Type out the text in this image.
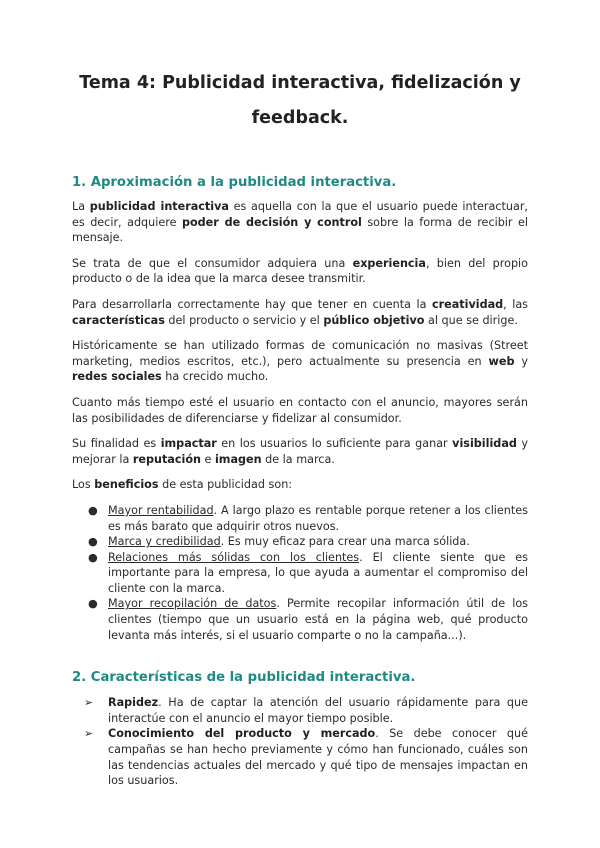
Tema 4: Publicidad interactiva, fidelización y feedback.
1. Aproximación a la publicidad interactiva.

La publicidad interactiva es aquella con la que el usuario puede interactuar, es decir, adquiere poder de decisión y control sobre la forma de recibir el mensaje.

Se trata de que el consumidor adquiera una experiencia, bien del propio producto o de la idea que la marca desee transmitir.

Para desarrollarla correctamente hay que tener en cuenta la creatividad, las características del producto o servicio y el público objetivo al que se dirige.

Históricamente se han utilizado formas de comunicación no masivas (Street marketing, medios escritos, etc.), pero actualmente su presencia en web y redes sociales ha crecido mucho.

Cuanto más tiempo esté el usuario en contacto con el anuncio, mayores serán las posibilidades de diferenciarse y fidelizar al consumidor.

Su finalidad es impactar en los usuarios lo suficiente para ganar visibilidad y mejorar la reputación e imagen de la marca.

Los beneficios de esta publicidad son:

● Mayor rentabilidad. A largo plazo es rentable porque retener a los clientes es más barato que adquirir otros nuevos.
● Marca y credibilidad. Es muy eficaz para crear una marca sólida.
● Relaciones más sólidas con los clientes. El cliente siente que es importante para la empresa, lo que ayuda a aumentar el compromiso del cliente con la marca.
● Mayor recopilación de datos. Permite recopilar información útil de los clientes (tiempo que un usuario está en la página web, qué producto levanta más interés, si el usuario comparte o no la campaña...).
2. Características de la publicidad interactiva.
➢ Rapidez. Ha de captar la atención del usuario rápidamente para que interactúe con el anuncio el mayor tiempo posible.
➢ Conocimiento del producto y mercado. Se debe conocer qué campañas se han hecho previamente y cómo han funcionado, cuáles son las tendencias actuales del mercado y qué tipo de mensajes impactan en los usuarios.
